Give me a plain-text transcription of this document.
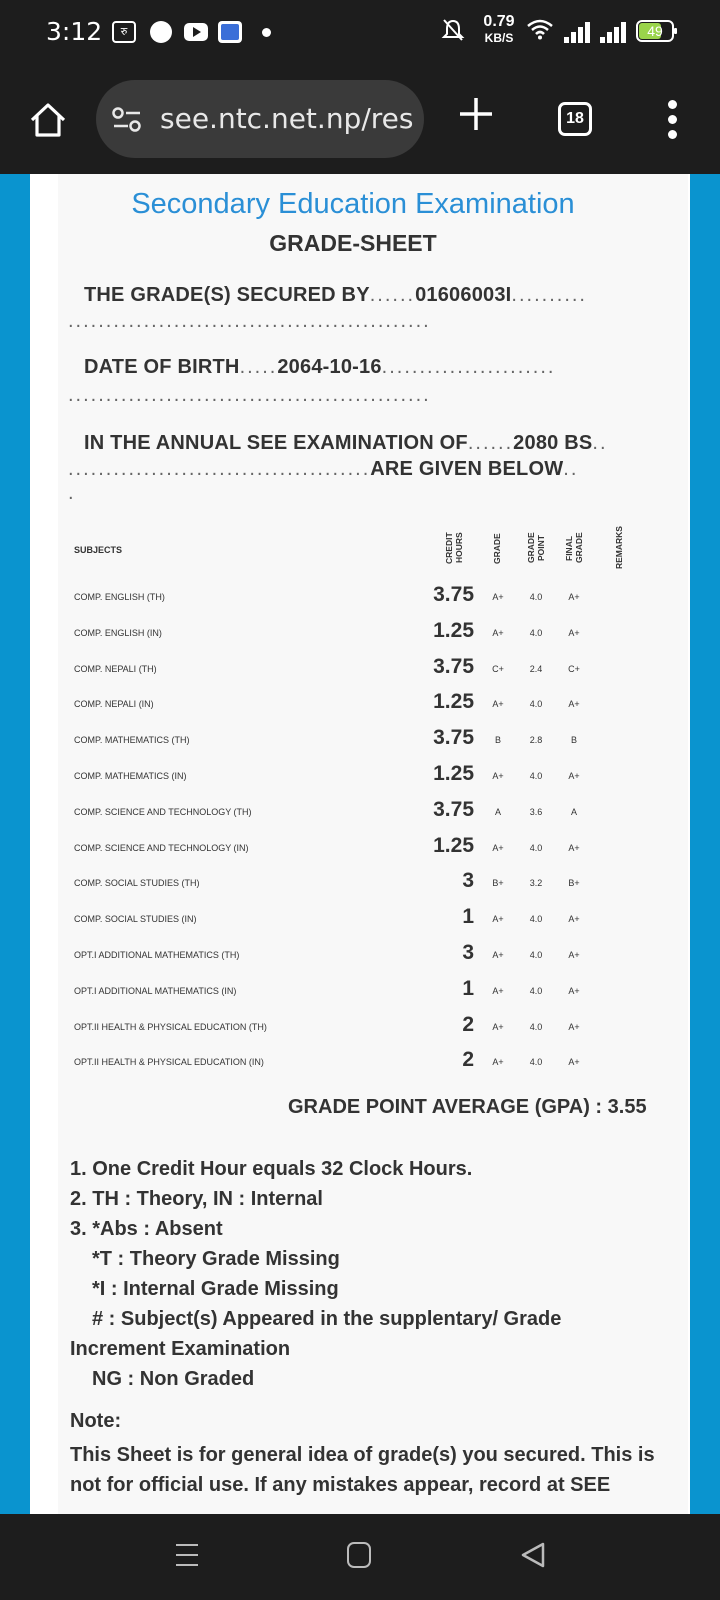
3:12	रु
0.79
KB/S	49
see.ntc.net.np/res	18
Secondary Education Examination
GRADE-SHEET
THE GRADE(S) SECURED BY......01606003I..........
................................................
DATE OF BIRTH.....2064-10-16.......................
................................................
IN THE ANNUAL SEE EXAMINATION OF......2080 BS..
........................................ARE GIVEN BELOW..
.
SUBJECTS	CREDIT HOURS	GRADE	GRADE POINT FINAL GRADE	REMARKS
COMP. ENGLISH (TH)	3.75	A+	4.0	A+
COMP. ENGLISH (IN)	1.25	A+	4.0	A+
COMP. NEPALI (TH)	3.75	C+	2.4	C+
COMP. NEPALI (IN)	1.25	A+	4.0	A+
COMP. MATHEMATICS (TH)	3.75	B	2.8	B
COMP. MATHEMATICS (IN)	1.25	A+	4.0	A+
COMP. SCIENCE AND TECHNOLOGY (TH)	3.75	A	3.6	A
COMP. SCIENCE AND TECHNOLOGY (IN)	1.25	A+	4.0	A+
COMP. SOCIAL STUDIES (TH)	3	B+	3.2	B+
COMP. SOCIAL STUDIES (IN)	1	A+	4.0	A+
OPT.I ADDITIONAL MATHEMATICS (TH)	3	A+	4.0	A+
OPT.I ADDITIONAL MATHEMATICS (IN)	1	A+	4.0	A+
OPT.II HEALTH & PHYSICAL EDUCATION (TH)	2	A+	4.0	A+
OPT.II HEALTH & PHYSICAL EDUCATION (IN)	2	A+	4.0	A+
GRADE POINT AVERAGE (GPA) : 3.55
1. One Credit Hour equals 32 Clock Hours.
2. TH : Theory, IN : Internal
3. *Abs : Absent
*T : Theory Grade Missing
*I : Internal Grade Missing
# : Subject(s) Appeared in the supplentary/ Grade
Increment Examination
NG : Non Graded
Note:
This Sheet is for general idea of grade(s) you secured. This is not for official use. If any mistakes appear, record at SEE
